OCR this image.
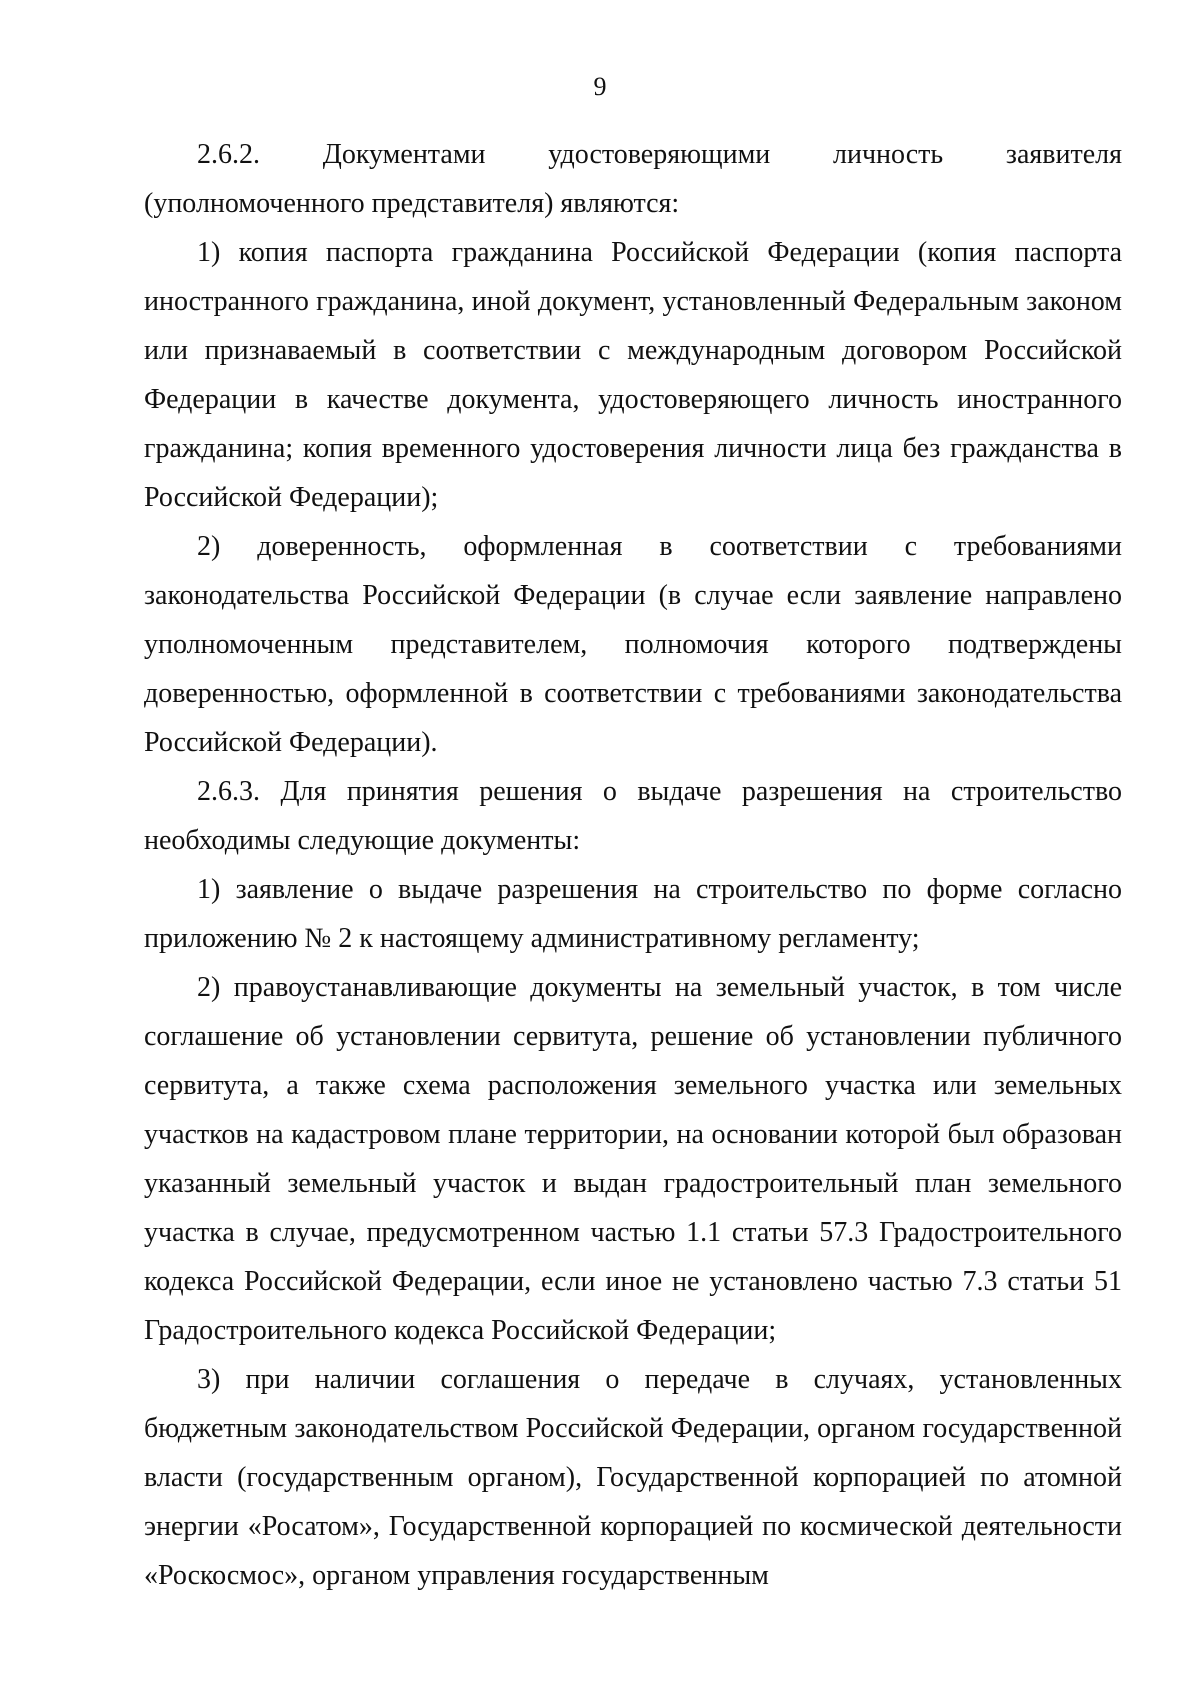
9

2.6.2. Документами удостоверяющими личность заявителя (уполномоченного представителя) являются:

1) копия паспорта гражданина Российской Федерации (копия паспорта иностранного гражданина, иной документ, установленный Федеральным законом или признаваемый в соответствии с международным договором Российской Федерации в качестве документа, удостоверяющего личность иностранного гражданина; копия временного удостоверения личности лица без гражданства в Российской Федерации);

2) доверенность, оформленная в соответствии с требованиями законодательства Российской Федерации (в случае если заявление направлено уполномоченным представителем, полномочия которого подтверждены доверенностью, оформленной в соответствии с требованиями законодательства Российской Федерации).

2.6.3. Для принятия решения о выдаче разрешения на строительство необходимы следующие документы:

1) заявление о выдаче разрешения на строительство по форме согласно приложению № 2 к настоящему административному регламенту;

2) правоустанавливающие документы на земельный участок, в том числе соглашение об установлении сервитута, решение об установлении публичного сервитута, а также схема расположения земельного участка или земельных участков на кадастровом плане территории, на основании которой был образован указанный земельный участок и выдан градостроительный план земельного участка в случае, предусмотренном частью 1.1 статьи 57.3 Градостроительного кодекса Российской Федерации, если иное не установлено частью 7.3 статьи 51 Градостроительного кодекса Российской Федерации;

3) при наличии соглашения о передаче в случаях, установленных бюджетным законодательством Российской Федерации, органом государственной власти (государственным органом), Государственной корпорацией по атомной энергии «Росатом», Государственной корпорацией по космической деятельности «Роскосмос», органом управления государственным
